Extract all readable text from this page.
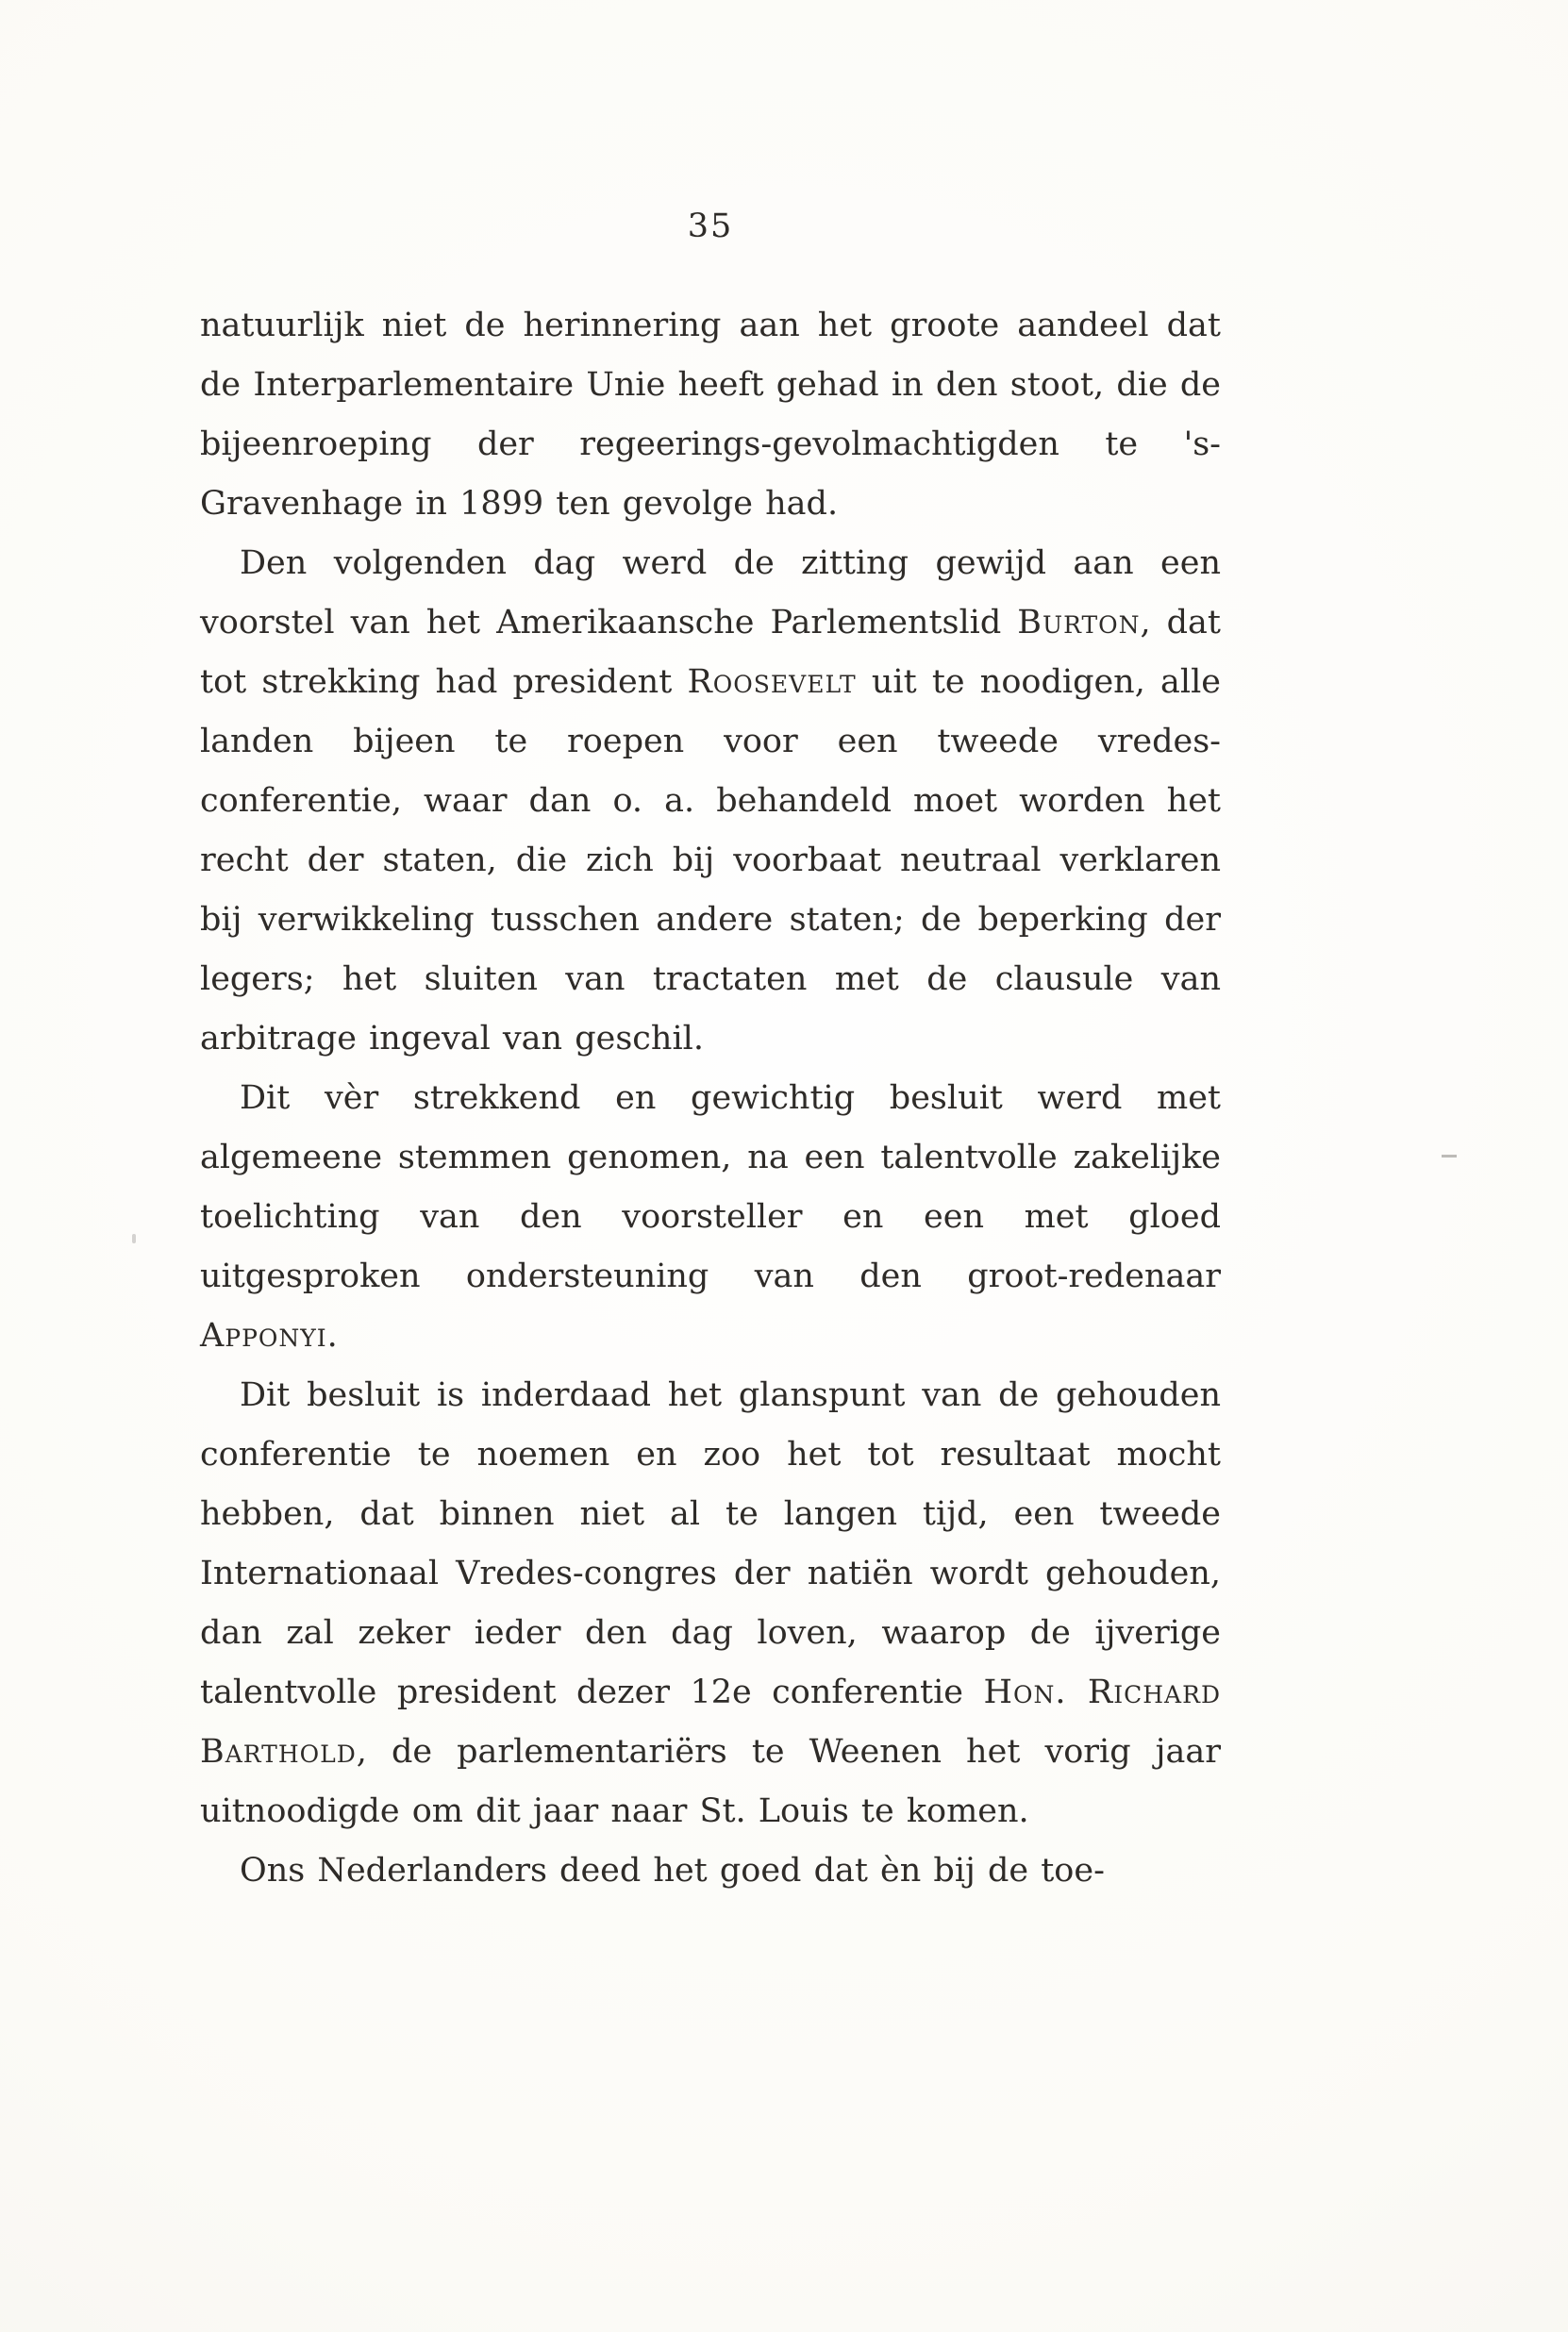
35

natuurlijk niet de herinnering aan het groote aandeel dat de Interparlementaire Unie heeft gehad in den stoot, die de bijeenroeping der regeerings-gevolmachtigden te 's-Gravenhage in 1899 ten gevolge had.

Den volgenden dag werd de zitting gewijd aan een voorstel van het Amerikaansche Parlementslid Burton, dat tot strekking had president Roosevelt uit te noodigen, alle landen bijeen te roepen voor een tweede vredes-conferentie, waar dan o. a. behandeld moet worden het recht der staten, die zich bij voorbaat neutraal verklaren bij verwikkeling tusschen andere staten; de beperking der legers; het sluiten van tractaten met de clausule van arbitrage ingeval van geschil.

Dit vèr strekkend en gewichtig besluit werd met algemeene stemmen genomen, na een talentvolle zakelijke toelichting van den voorsteller en een met gloed uitgesproken ondersteuning van den groot-redenaar Apponyi.

Dit besluit is inderdaad het glanspunt van de gehouden conferentie te noemen en zoo het tot resultaat mocht hebben, dat binnen niet al te langen tijd, een tweede Internationaal Vredes-congres der natiën wordt gehouden, dan zal zeker ieder den dag loven, waarop de ijverige talentvolle president dezer 12e conferentie Hon. Richard Barthold, de parlementariërs te Weenen het vorig jaar uitnoodigde om dit jaar naar St. Louis te komen.

Ons Nederlanders deed het goed dat èn bij de toe-
